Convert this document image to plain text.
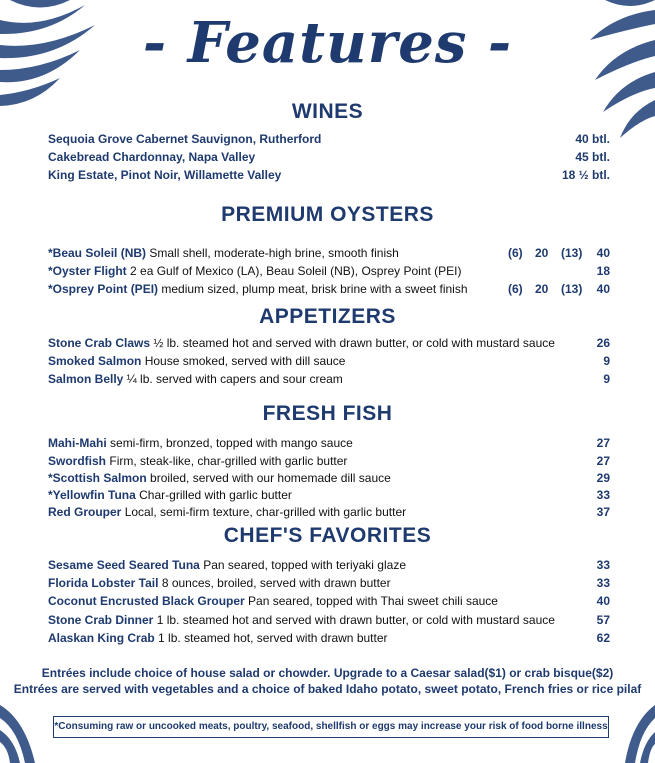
- Features -
WINES
Sequoia Grove Cabernet Sauvignon, Rutherford	40 btl.
Cakebread Chardonnay, Napa Valley	45 btl.
King Estate, Pinot Noir, Willamette Valley	18 ½ btl.
PREMIUM OYSTERS
*Beau Soleil (NB) Small shell, moderate-high brine, smooth finish	(6) 20 (13) 40
*Oyster Flight 2 ea Gulf of Mexico (LA), Beau Soleil (NB), Osprey Point (PEI)	18
*Osprey Point (PEI) medium sized, plump meat, brisk brine with a sweet finish	(6) 20 (13) 40
APPETIZERS
Stone Crab Claws ½ lb. steamed hot and served with drawn butter, or cold with mustard sauce	26
Smoked Salmon House smoked, served with dill sauce	9
Salmon Belly ¼ lb. served with capers and sour cream	9
FRESH FISH
Mahi-Mahi semi-firm, bronzed, topped with mango sauce	27
Swordfish Firm, steak-like, char-grilled with garlic butter	27
*Scottish Salmon broiled, served with our homemade dill sauce	29
*Yellowfin Tuna Char-grilled with garlic butter	33
Red Grouper Local, semi-firm texture, char-grilled with garlic butter	37
CHEF'S FAVORITES
Sesame Seed Seared Tuna Pan seared, topped with teriyaki glaze	33
Florida Lobster Tail 8 ounces, broiled, served with drawn butter	33
Coconut Encrusted Black Grouper Pan seared, topped with Thai sweet chili sauce	40
Stone Crab Dinner 1 lb. steamed hot and served with drawn butter, or cold with mustard sauce	57
Alaskan King Crab 1 lb. steamed hot, served with drawn butter	62
Entrées include choice of house salad or chowder. Upgrade to a Caesar salad($1) or crab bisque($2)
Entrées are served with vegetables and a choice of baked Idaho potato, sweet potato, French fries or rice pilaf
*Consuming raw or uncooked meats, poultry, seafood, shellfish or eggs may increase your risk of food borne illness
